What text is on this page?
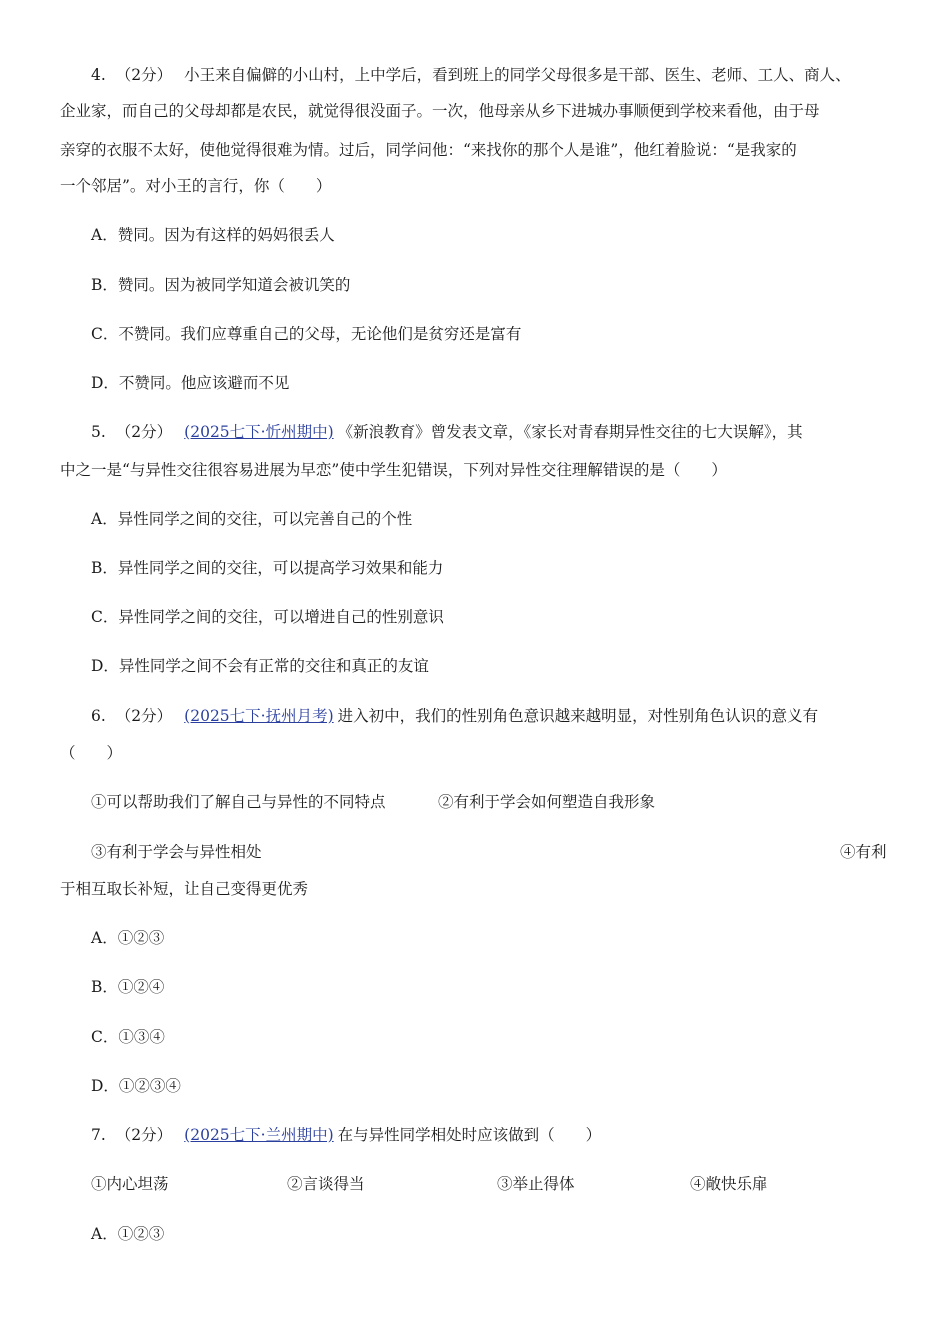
4. （2分） 小王来自偏僻的小山村，上中学后，看到班上的同学父母很多是干部、医生、老师、工人、商人、
企业家，而自己的父母却都是农民，就觉得很没面子。一次，他母亲从乡下进城办事顺便到学校来看他，由于母
亲穿的衣服不太好，使他觉得很难为情。过后，同学问他：“来找你的那个人是谁”，他红着脸说：“是我家的
一个邻居”。对小王的言行，你（　　）
A．赞同。因为有这样的妈妈很丢人
B．赞同。因为被同学知道会被讥笑的
C．不赞同。我们应尊重自己的父母，无论他们是贫穷还是富有
D．不赞同。他应该避而不见
5. （2分） (2025七下·忻州期中) 《新浪教育》曾发表文章，《家长对青春期异性交往的七大误解》，其
中之一是“与异性交往很容易进展为早恋”使中学生犯错误，下列对异性交往理解错误的是（　　）
A．异性同学之间的交往，可以完善自己的个性
B．异性同学之间的交往，可以提高学习效果和能力
C．异性同学之间的交往，可以增进自己的性别意识
D．异性同学之间不会有正常的交往和真正的友谊
6. （2分） (2025七下·抚州月考) 进入初中，我们的性别角色意识越来越明显，对性别角色认识的意义有
（　　）
①可以帮助我们了解自己与异性的不同特点	②有利于学会如何塑造自我形象
③有利于学会与异性相处	④有利
于相互取长补短，让自己变得更优秀
A．①②③
B．①②④
C．①③④
D．①②③④
7. （2分） (2025七下·兰州期中) 在与异性同学相处时应该做到（　　）
①内心坦荡	②言谈得当	③举止得体	④敞快乐扉
A．①②③
